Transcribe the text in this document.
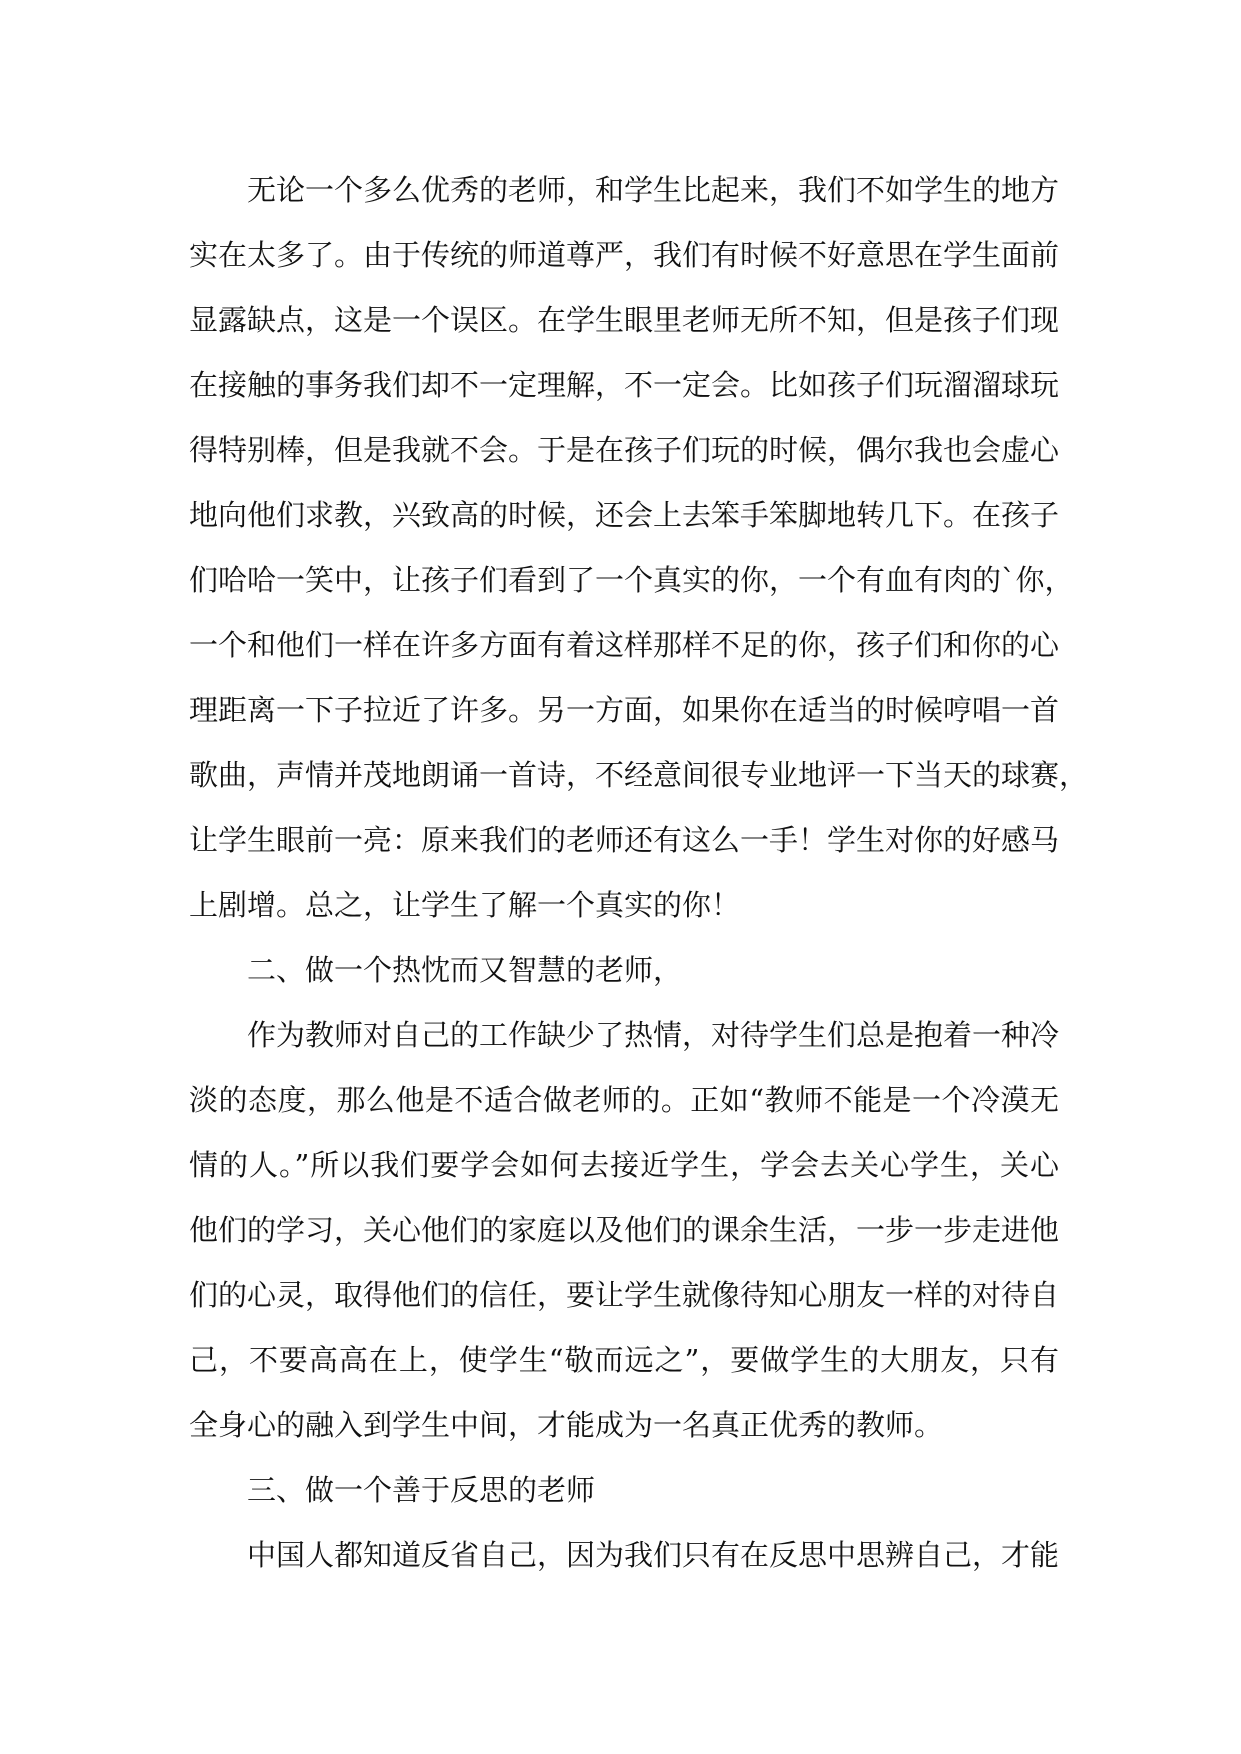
无论一个多么优秀的老师，和学生比起来，我们不如学生的地方
实在太多了。由于传统的师道尊严，我们有时候不好意思在学生面前
显露缺点，这是一个误区。在学生眼里老师无所不知，但是孩子们现
在接触的事务我们却不一定理解，不一定会。比如孩子们玩溜溜球玩
得特别棒，但是我就不会。于是在孩子们玩的时候，偶尔我也会虚心
地向他们求教，兴致高的时候，还会上去笨手笨脚地转几下。在孩子
们哈哈一笑中，让孩子们看到了一个真实的你，一个有血有肉的`你，
一个和他们一样在许多方面有着这样那样不足的你，孩子们和你的心
理距离一下子拉近了许多。另一方面，如果你在适当的时候哼唱一首
歌曲，声情并茂地朗诵一首诗，不经意间很专业地评一下当天的球赛，
让学生眼前一亮：原来我们的老师还有这么一手！学生对你的好感马
上剧增。总之，让学生了解一个真实的你！
二、做一个热忱而又智慧的老师，
作为教师对自己的工作缺少了热情，对待学生们总是抱着一种冷
淡的态度，那么他是不适合做老师的。正如“教师不能是一个冷漠无
情的人。”所以我们要学会如何去接近学生，学会去关心学生，关心
他们的学习，关心他们的家庭以及他们的课余生活，一步一步走进他
们的心灵，取得他们的信任，要让学生就像待知心朋友一样的对待自
己，不要高高在上，使学生“敬而远之”，要做学生的大朋友，只有
全身心的融入到学生中间，才能成为一名真正优秀的教师。
三、做一个善于反思的老师
中国人都知道反省自己，因为我们只有在反思中思辨自己，才能
